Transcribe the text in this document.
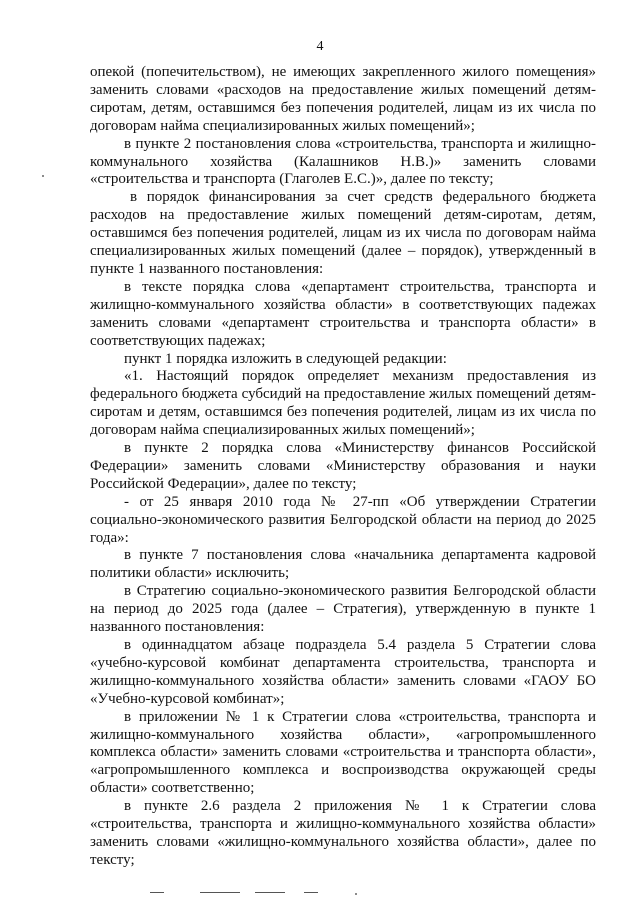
4

опекой (попечительством), не имеющих закрепленного жилого помещения» заменить словами «расходов на предоставление жилых помещений детям-сиротам, детям, оставшимся без попечения родителей, лицам из их числа по договорам найма специализированных жилых помещений»;

в пункте 2 постановления слова «строительства, транспорта и жилищно-коммунального хозяйства (Калашников Н.В.)» заменить словами «строительства и транспорта (Глаголев Е.С.)», далее по тексту;

в порядок финансирования за счет средств федерального бюджета расходов на предоставление жилых помещений детям-сиротам, детям, оставшимся без попечения родителей, лицам из их числа по договорам найма специализированных жилых помещений (далее – порядок), утвержденный в пункте 1 названного постановления:

в тексте порядка слова «департамент строительства, транспорта и жилищно-коммунального хозяйства области» в соответствующих падежах заменить словами «департамент строительства и транспорта области» в соответствующих падежах;

пункт 1 порядка изложить в следующей редакции:

«1. Настоящий порядок определяет механизм предоставления из федерального бюджета субсидий на предоставление жилых помещений детям-сиротам и детям, оставшимся без попечения родителей, лицам из их числа по договорам найма специализированных жилых помещений»;

в пункте 2 порядка слова «Министерству финансов Российской Федерации» заменить словами «Министерству образования и науки Российской Федерации», далее по тексту;

- от 25 января 2010 года № 27-пп «Об утверждении Стратегии социально-экономического развития Белгородской области на период до 2025 года»:

в пункте 7 постановления слова «начальника департамента кадровой политики области» исключить;

в Стратегию социально-экономического развития Белгородской области на период до 2025 года (далее – Стратегия), утвержденную в пункте 1 названного постановления:

в одиннадцатом абзаце подраздела 5.4 раздела 5 Стратегии слова «учебно-курсовой комбинат департамента строительства, транспорта и жилищно-коммунального хозяйства области» заменить словами «ГАОУ БО «Учебно-курсовой комбинат»;

в приложении № 1 к Стратегии слова «строительства, транспорта и жилищно-коммунального хозяйства области», «агропромышленного комплекса области» заменить словами «строительства и транспорта области», «агропромышленного комплекса и воспроизводства окружающей среды области» соответственно;

в пункте 2.6 раздела 2 приложения № 1 к Стратегии слова «строительства, транспорта и жилищно-коммунального хозяйства области» заменить словами «жилищно-коммунального хозяйства области», далее по тексту;
